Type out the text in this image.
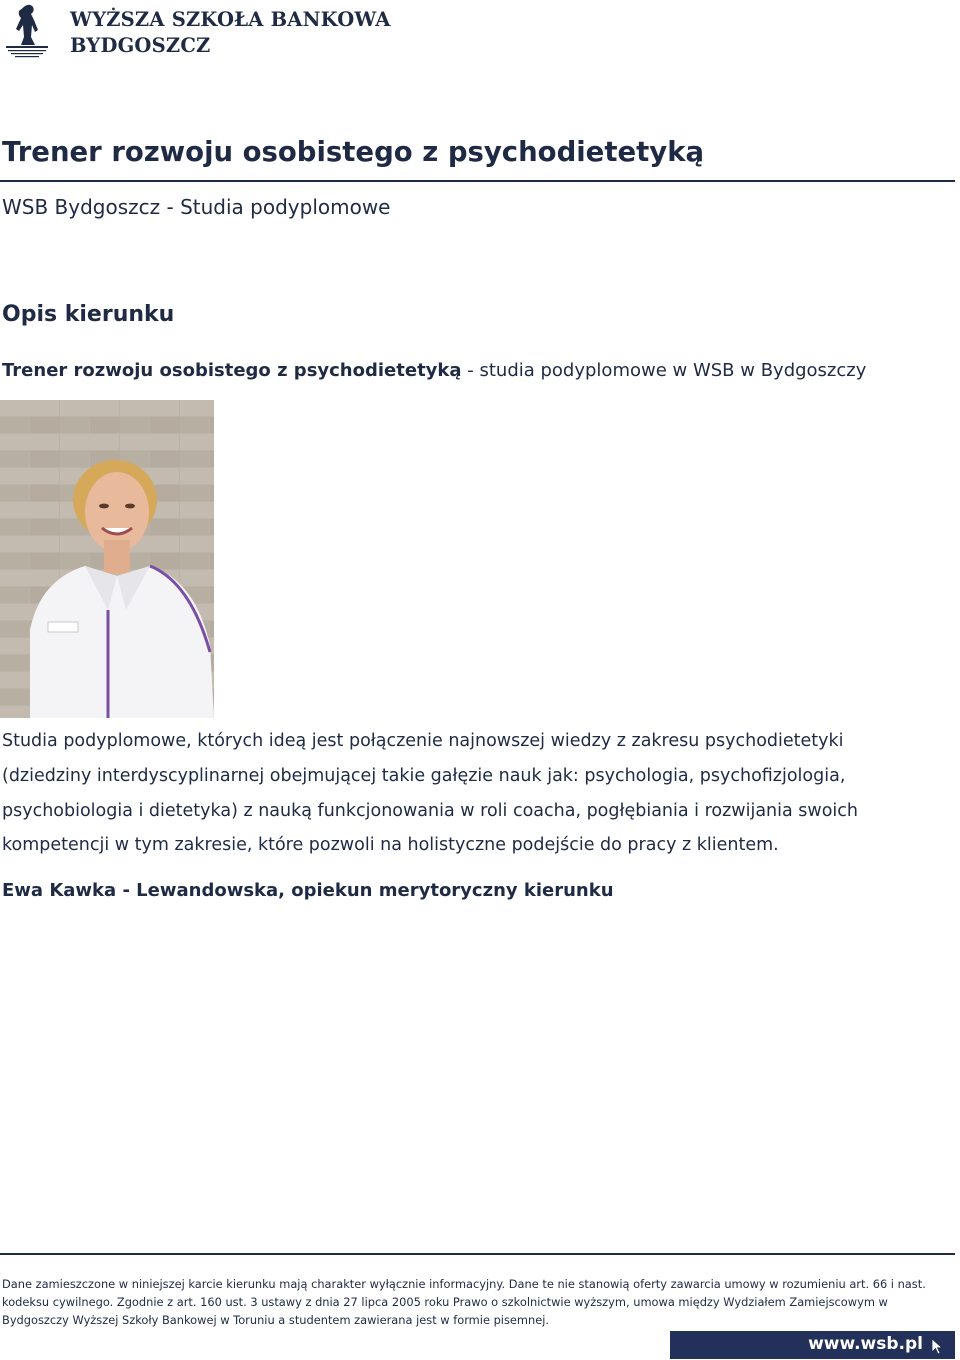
WYŻSZA SZKOŁA BANKOWA
BYDGOSZCZ
Trener rozwoju osobistego z psychodietetyką
WSB Bydgoszcz - Studia podyplomowe
Opis kierunku
Trener rozwoju osobistego z psychodietetyką - studia podyplomowe w WSB w Bydgoszczy

Studia podyplomowe, których ideą jest połączenie najnowszej wiedzy z zakresu psychodietetyki
(dziedziny interdyscyplinarnej obejmującej takie gałęzie nauk jak: psychologia, psychofizjologia,
psychobiologia i dietetyka) z nauką funkcjonowania w roli coacha, pogłębiania i rozwijania swoich
kompetencji w tym zakresie, które pozwoli na holistyczne podejście do pracy z klientem.

Ewa Kawka - Lewandowska, opiekun merytoryczny kierunku

Dane zamieszczone w niniejszej karcie kierunku mają charakter wyłącznie informacyjny. Dane te nie stanowią oferty zawarcia umowy w rozumieniu art. 66 i nast.
kodeksu cywilnego. Zgodnie z art. 160 ust. 3 ustawy z dnia 27 lipca 2005 roku Prawo o szkolnictwie wyższym, umowa między Wydziałem Zamiejscowym w
Bydgoszczy Wyższej Szkoły Bankowej w Toruniu a studentem zawierana jest w formie pisemnej.

www.wsb.pl
